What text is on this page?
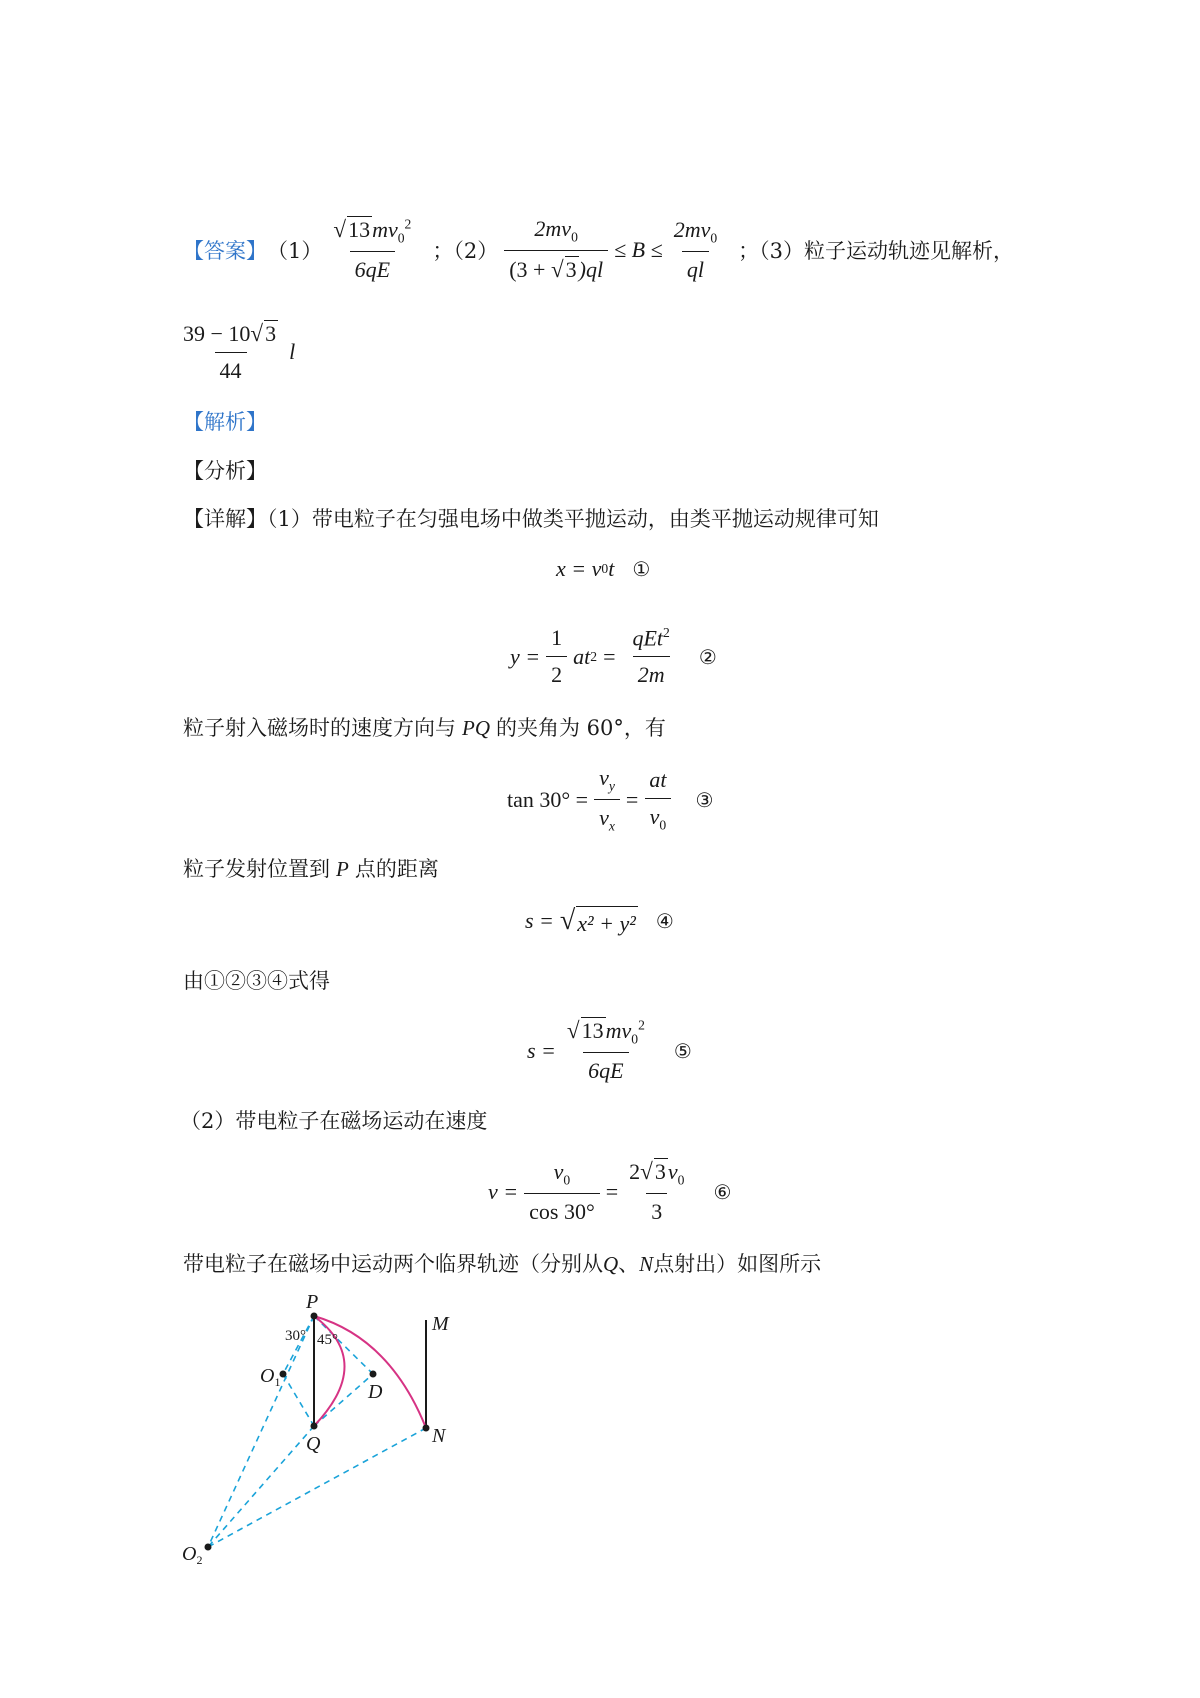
【答案】 $(1) \frac{√13mv_0^2}{6qE}$ ；$(2) \frac{2mv_0}{(3 + √3)ql} \le B \le \frac{2mv_0}{ql}$ ；（3）粒子运动轨迹见解析，
$\frac{39 - 10√3}{44}$ l
【解析】
【分析】
【详解】（1）带电粒子在匀强电场中做类平抛运动，由类平抛运动规律可知
x = v 0 t ①
$y = \frac{1}{2}$ at $2 = \frac{qEt^2}{2m}$ ②
粒子射入磁场时的速度方向与 PQ 的夹角为 60°，有
$\tan 30^\circ = \frac{v_y}{v_x} = \frac{at}{v_0}$ ③
粒子发射位置到 P 点的距离
s = √ x² + y² ④
由①②③④式得
$s = \frac{√13mv_0^2}{6qE}$ ⑤
（2）带电粒子在磁场运动在速度
$v = \frac{v_0}{\cos 30^\circ} = \frac{2√3v_0}{3}$ ⑥
带电粒子在磁场中运动两个临界轨迹（分别从Q、N点射出）如图所示
P
M
$O_1$	D
Q	N
$O_2$
30° 45°
